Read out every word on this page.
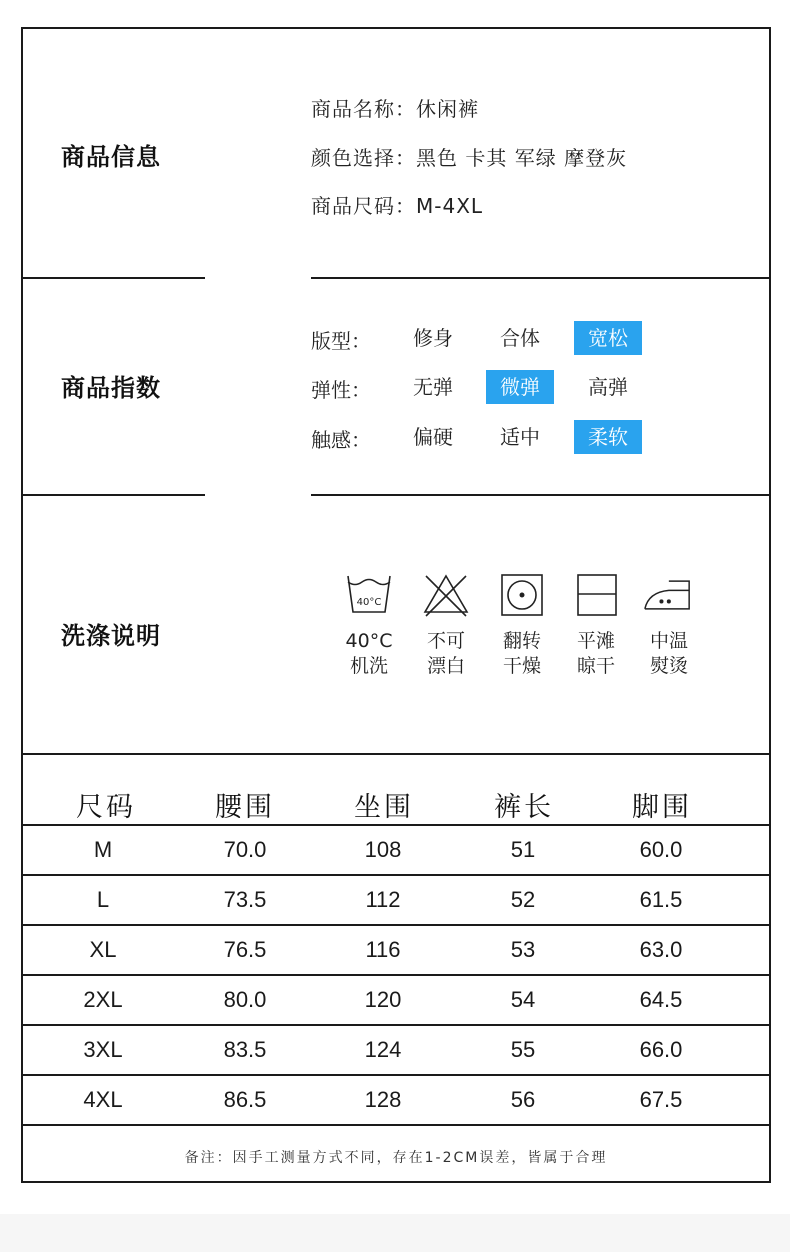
商品信息
商品名称：休闲裤
颜色选择：黑色 卡其 军绿 摩登灰
商品尺码：M-4XL
商品指数
版型：	修身	合体	宽松
弹性：	无弹	微弹	高弹
触感：	偏硬	适中	柔软
洗涤说明
40°C
40°C
机洗
不可
漂白
翻转
干燥
平滩
晾干
中温
熨烫
尺码	腰围	坐围	裤长	脚围
M	70.0	108	51	60.0
L	73.5	112	52	61.5
XL	76.5	116	53	63.0
2XL	80.0	120	54	64.5
3XL	83.5	124	55	66.0
4XL	86.5	128	56	67.5
备注：因手工测量方式不同，存在1-2CM误差，皆属于合理
